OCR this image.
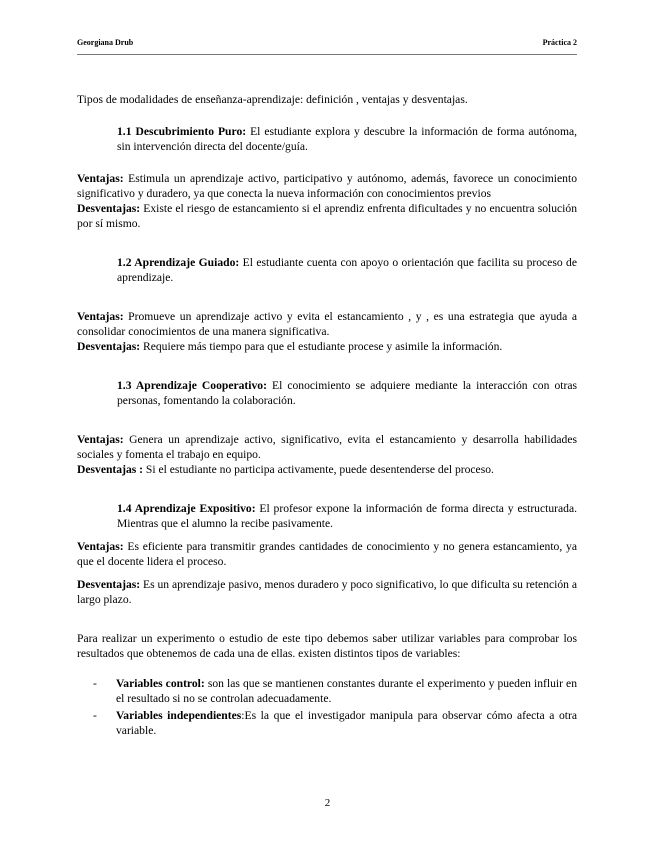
Georgiana Drub	Práctica 2

Tipos de modalidades de enseñanza-aprendizaje: definición , ventajas y desventajas.

1.1 Descubrimiento Puro: El estudiante explora y descubre la información de forma autónoma, sin intervención directa del docente/guía.

Ventajas: Estimula un aprendizaje activo, participativo y autónomo, además, favorece un conocimiento significativo y duradero, ya que conecta la nueva información con conocimientos previos

Desventajas: Existe el riesgo de estancamiento si el aprendiz enfrenta dificultades y no encuentra solución por sí mismo.

1.2 Aprendizaje Guiado: El estudiante cuenta con apoyo o orientación que facilita su proceso de aprendizaje.

Ventajas: Promueve un aprendizaje activo y evita el estancamiento , y , es una estrategia que ayuda a consolidar conocimientos de una manera significativa.

Desventajas: Requiere más tiempo para que el estudiante procese y asimile la información.

1.3 Aprendizaje Cooperativo: El conocimiento se adquiere mediante la interacción con otras personas, fomentando la colaboración.

Ventajas: Genera un aprendizaje activo, significativo, evita el estancamiento y desarrolla habilidades sociales y fomenta el trabajo en equipo.

Desventajas : Si el estudiante no participa activamente, puede desentenderse del proceso.

1.4 Aprendizaje Expositivo: El profesor expone la información de forma directa y estructurada. Mientras que el alumno la recibe pasivamente.

Ventajas: Es eficiente para transmitir grandes cantidades de conocimiento y no genera estancamiento, ya que el docente lidera el proceso.

Desventajas: Es un aprendizaje pasivo, menos duradero y poco significativo, lo que dificulta su retención a largo plazo.

Para realizar un experimento o estudio de este tipo debemos saber utilizar variables para comprobar los resultados que obtenemos de cada una de ellas. existen distintos tipos de variables:

- Variables control: son las que se mantienen constantes durante el experimento y pueden influir en el resultado si no se controlan adecuadamente.
- Variables independientes:Es la que el investigador manipula para observar cómo afecta a otra variable.
2
